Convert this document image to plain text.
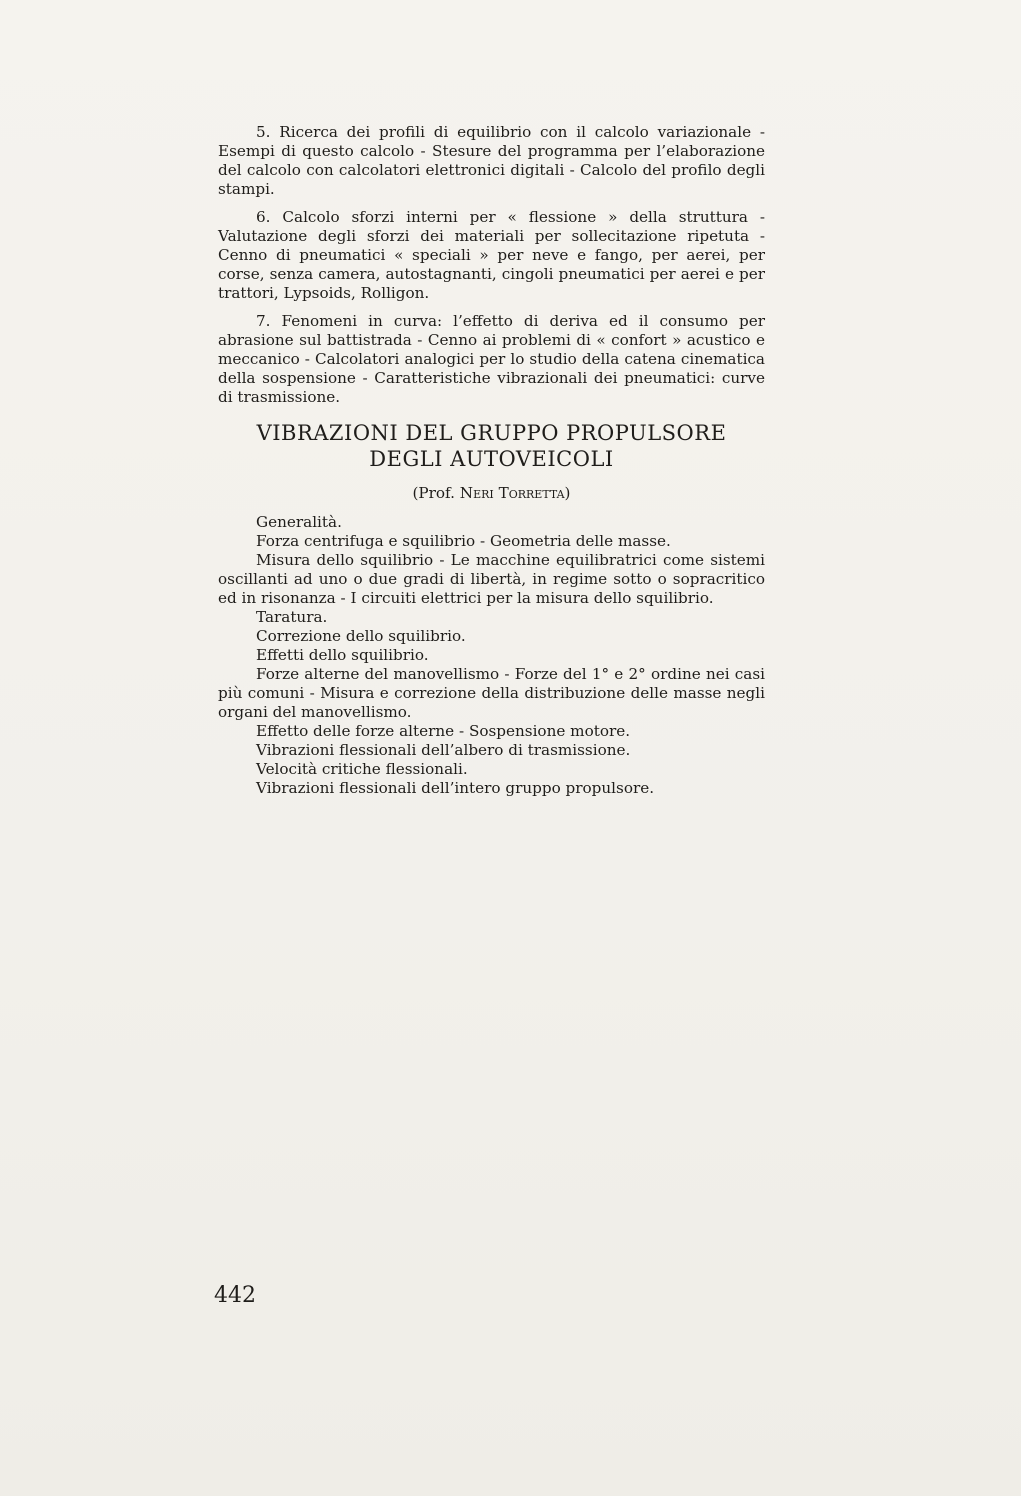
5. Ricerca dei profili di equilibrio con il calcolo variazionale - Esempi di questo calcolo - Stesure del programma per l’elaborazione del calcolo con calcolatori elettronici digitali - Calcolo del profilo degli stampi.

6. Calcolo sforzi interni per « flessione » della struttura - Valutazione degli sforzi dei materiali per sollecitazione ripetuta - Cenno di pneumatici « speciali » per neve e fango, per aerei, per corse, senza camera, autostagnanti, cingoli pneumatici per aerei e per trattori, Lypsoids, Rolligon.

7. Fenomeni in curva: l’effetto di deriva ed il consumo per abrasione sul battistrada - Cenno ai problemi di « confort » acustico e meccanico - Calcolatori analogici per lo studio della catena cinematica della sospensione - Caratteristiche vibrazionali dei pneumatici: curve di trasmissione.

VIBRAZIONI DEL GRUPPO PROPULSORE
DEGLI AUTOVEICOLI
(Prof. Neri Torretta)

Generalità.

Forza centrifuga e squilibrio - Geometria delle masse.

Misura dello squilibrio - Le macchine equilibratrici come sistemi oscillanti ad uno o due gradi di libertà, in regime sotto o sopracritico ed in risonanza - I circuiti elettrici per la misura dello squilibrio.

Taratura.

Correzione dello squilibrio.

Effetti dello squilibrio.

Forze alterne del manovellismo - Forze del 1° e 2° ordine nei casi più comuni - Misura e correzione della distribuzione delle masse negli organi del manovellismo.

Effetto delle forze alterne - Sospensione motore.

Vibrazioni flessionali dell’albero di trasmissione.

Velocità critiche flessionali.

Vibrazioni flessionali dell’intero gruppo propulsore.

442
